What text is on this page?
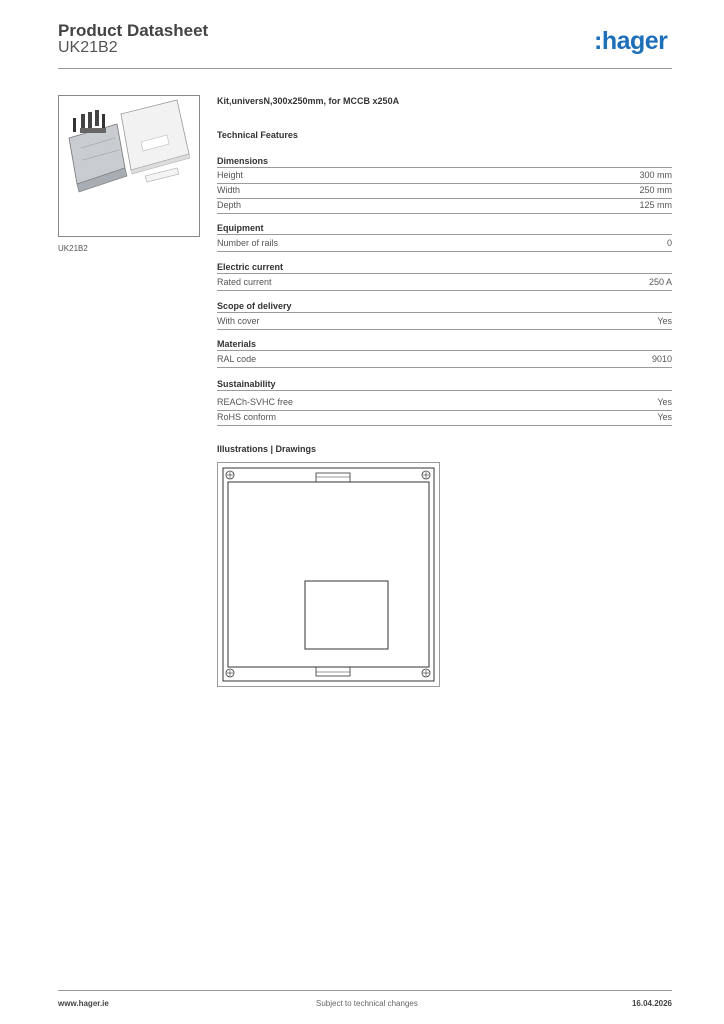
Product Datasheet
UK21B2	:hager
UK21B2
Kit,universN,300x250mm, for MCCB x250A
Technical Features
Dimensions
Height	300 mm
Width	250 mm
Depth	125 mm
Equipment
Number of rails	0
Electric current
Rated current	250 A
Scope of delivery
With cover	Yes
Materials
RAL code	9010
Sustainability
REACh-SVHC free	Yes
RoHS conform	Yes
Illustrations | Drawings
www.hager.ie	Subject to technical changes	16.04.2026
